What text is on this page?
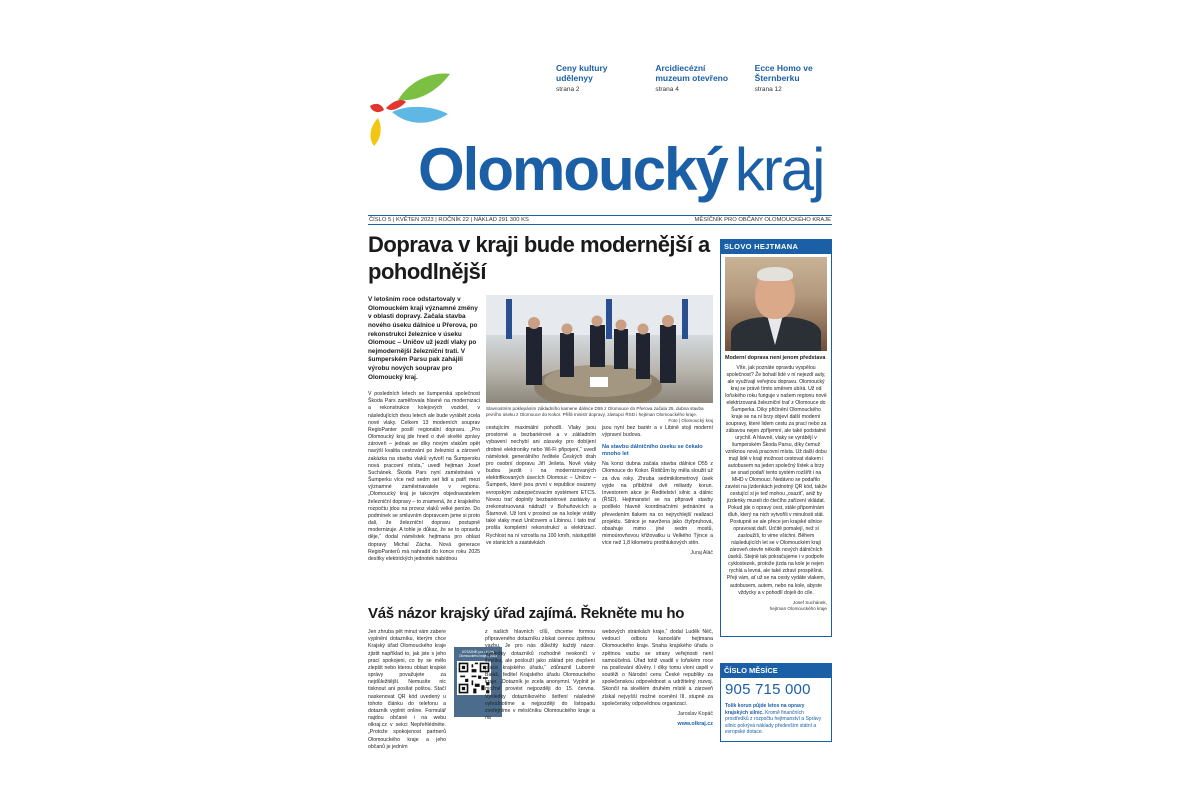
Olomoucký kraj
Ceny kultury udělenyy
strana 2
Arcidiecézní muzeum otevřeno
strana 4
Ecce Homo ve Šternberku
strana 12
ČÍSLO 5 | KVĚTEN 2023 | ROČNÍK 22 | NÁKLAD 291 300 KS	MĚSÍČNÍK PRO OBČANY OLOMOUCKÉHO KRAJE
Doprava v kraji bude modernější a pohodlnější
V letošním roce odstartovaly v Olomouckém kraji významné změny v oblasti dopravy. Začala stavba nového úseku dálnice u Přerova, po rekonstrukci železnice v úseku Olomouc – Uničov už jezdí vlaky po nejmodernější železniční trati. V šumperském Parsu pak zahájili výrobu nových souprav pro Olomoucký kraj.
Slavnostním poklepáním základního kamene dálnice D55 z Olomouce do Přerova začala 25. dubna stavba prvního úseku z Olomouce do Kokor. Přišli ministr dopravy, zástupci ŘSD i hejtman Olomouckého kraje.
Foto | Olomoucký kraj
V posledních letech se šumperská společnost Škoda Pars zaměřovala hlavně na modernizaci a rekonstrukce kolejových vozidel, v následujících dvou letech ale bude vyrábět zcela nové vlaky. Celkem 13 moderních souprav RegioPanter posílí regionální dopravu. „Pro Olomoucký kraj jde hned o dvě skvělé zprávy zároveň – jednak se díky novým vlakům opět navýší kvalita cestování po železnici a zároveň zakázka na stavbu vlaků vytvoří na Šumpersku nová pracovní místa,“ uvedl hejtman Josef Suchánek. Škoda Pars nyní zaměstnává v Šumperku více než sedm set lidí a patří mezi významné zaměstnavatele v regionu. „Olomoucký kraj je takovým objednavatelem železniční dopravy – to znamená, že z krajského rozpočtu jdou na provoz vlaků velké peníze. Do podmínek se smluvním dopravcem jsme si proto dali, že železniční dopravu postupně modernizuje. A tohle je důkaz, že se to opravdu děje,“ dodal náměstek hejtmana pro oblast dopravy Michal Zácha. Nová generace RegioPanterů má nahradit do konce roku 2025 desítky elektrických jednotek nabídnou
cestujícím maximální pohodlí. Vlaky jsou prostorné a bezbariérové a v základním vybavení nechybí ani zásuvky pro dobíjení drobné elektroniky nebo Wi-Fi připojení,“ uvedl náměstek generálního ředitele Českých drah pro osobní dopravu Jiří Ješeta. Nově vlaky budou jezdit i na modernizovaných elektrifikovaných úsecích Olomouc – Uničov – Šumperk, které jsou první v republice osazeny evropským zabezpečovacím systémem ETCS. Novou trať doplnily bezbariérové zastávky a zrekonstruovaná nádraží v Bohuňovicích a Štarnově. Už loni v prosinci se na koleje vrátily také vlaky mezi Uničovem a Libinou. I tato trať prošla kompletní rekonstrukcí a elektrizací. Rychlost na ní vzrostla na 100 km/h, nástupiště ve stanicích a zastávkách
jsou nyní bez bariér a v Libině stojí moderní výpravní budova.
Na stavbu dálničního úseku se čekalo mnoho let
Na konci dubna začala stavba dálnice D55 z Olomouce do Kokor. Řidičům by měla sloužit už za dva roky. Zhruba sedmikilometrový úsek vyjde na přibližně dvě miliardy korun. Investorem akce je Ředitelství silnic a dálnic (ŘSD). Hejtmanství se na připravě stavby podílelo hlavně koordinačními jednáními a převedením tlakem na co nejrychlejší realizaci projektu. Silnice je navržena jako čtyřpruhová, obsahuje mimo jiné sedm mostů, mimoúrovňovou křižovatku u Velkého Týnce a více než 1,8 kilometru protihlukových stěn.
Juraj Aláč
Váš názor krajský úřad zajímá. Řekněte mu ho
Jen zhruba pět minut vám zabere vyplnění dotazníku, kterým chce Krajský úřad Olomouckého kraje zjistit například to, jak jste s jeho prací spokojeni, co by se mělo zlepšit nebo kterou oblast krajské správy považujete za nejdůležitější. Nemusíte nic tisknout ani posílat poštou. Stačí naskenovat QR kód uvedený u tohoto článku do telefonu a dotazník vyplnit online. Formulář najdou občané i na webu olkraj.cz v sekci Nepřehlédněte. „Protože spokojenost partnerů Olomouckého kraje a jeho občanů je jedním
DOTAZNÍK pro občany Olomouckého kraje – 2023
z našich hlavních cílů, chceme formou připraveného dotazníku získat cennou zpětnou vazbu. Je pro nás důležitý každý názor. Výsledky dotazníků rozhodně neskončí v šuplíku, ale poslouží jako základ pro zlepšení práce krajského úřadu,“ zdůraznil Lubomír Baláš, ředitel Krajského úřadu Olomouckého kraje. „Dotazník je zcela anonymní. Vyplnit je možné provést nejpozději do 15. června. Výsledky dotazníkového šetření následně vyhodnotíme a nejpozději do listopadu zveřejníme v měsíčníku Olomouckého kraje a na
webových stránkách kraje,“ dodal Luděk Něč, vedoucí odboru kanceláře hejtmana Olomouckého kraje. Snaha krajského úřadu o zpětnou vazbu se strany veřejnosti není samoúčelná. Úřad totiž vsadil v loňském roce na posilování důvěry. I díky tomu vloni uspěl v soutěži o Národní cenu České republiky za společenskou odpovědnost a udržitelný rozvoj. Skončil na skvělém druhém místě a zároveň získal nejvyšší možné ocenění III. stupně za společensky odpovědnou organizaci.
Jaroslav Kopáč
www.olkraj.cz
SLOVO HEJTMANA
Moderní doprava není jenom představa
Víte, jak poznáte opravdu vyspělou společnost? Že bohatí lidé v ní nejezdí auty, ale využívají veřejnou dopravu. Olomoucký kraj se právě tímto směrem ubírá. Už od loňského roku funguje v našem regionu nově elektrizovaná železniční trať z Olomouce do Šumperka. Díky přičinění Olomouckého kraje se na ní brzy objeví další moderní soupravy, které lidem cestu za prací nebo za zábavou nejen zpříjemní, ale také podstatně urychlí. A hlavně, vlaky se vyrábějí v šumperském Škoda Parsu, díky čemuž vzniknou nová pracovní místa. Už další dobu mají lidé v kraji možnost cestovat vlakem i autobusem na jeden společný lístek a brzy se snad podaří tento systém rozšířit i na MHD v Olomouci. Nedávno se podařilo zavést na jízdenkách jednotný QR kód, takže cestující si je teď mohou „osazit“, aniž by jízdenky museli do čtečího zařízení vkládat. Pokud jde o opravy cest, stále připomínám dluh, který na nich vytvořili v minulosti stát. Postupně se ale přece jen krajské silnice opravovat daří. Určitě pomalejí, než si zasloužíš, to vime všichni. Během následujících let se v Olomouckém kraji zároveň otevře několik nových dálničních úseků. Stejně tak pokračujeme i v podpoře cyklostezek, protože jízda na kole je nejen rychlá a levná, ale také zdraví prospěšná. Přeji vám, ať už se na cesty vydáte vlakem, autobusem, autem, nebo na kole, abyste vždycky a v pohodlí dojeli do cíle.
Josef Suchánek,
hejtman Olomouckého kraje
ČÍSLO MĚSÍCE
905 715 000
Tolik korun půjde letos na opravy krajských silnic. Kromě finančních prostředků z rozpočtu hejtmanství a Správy silnic pokrývá náklady především státní a evropské dotace.
